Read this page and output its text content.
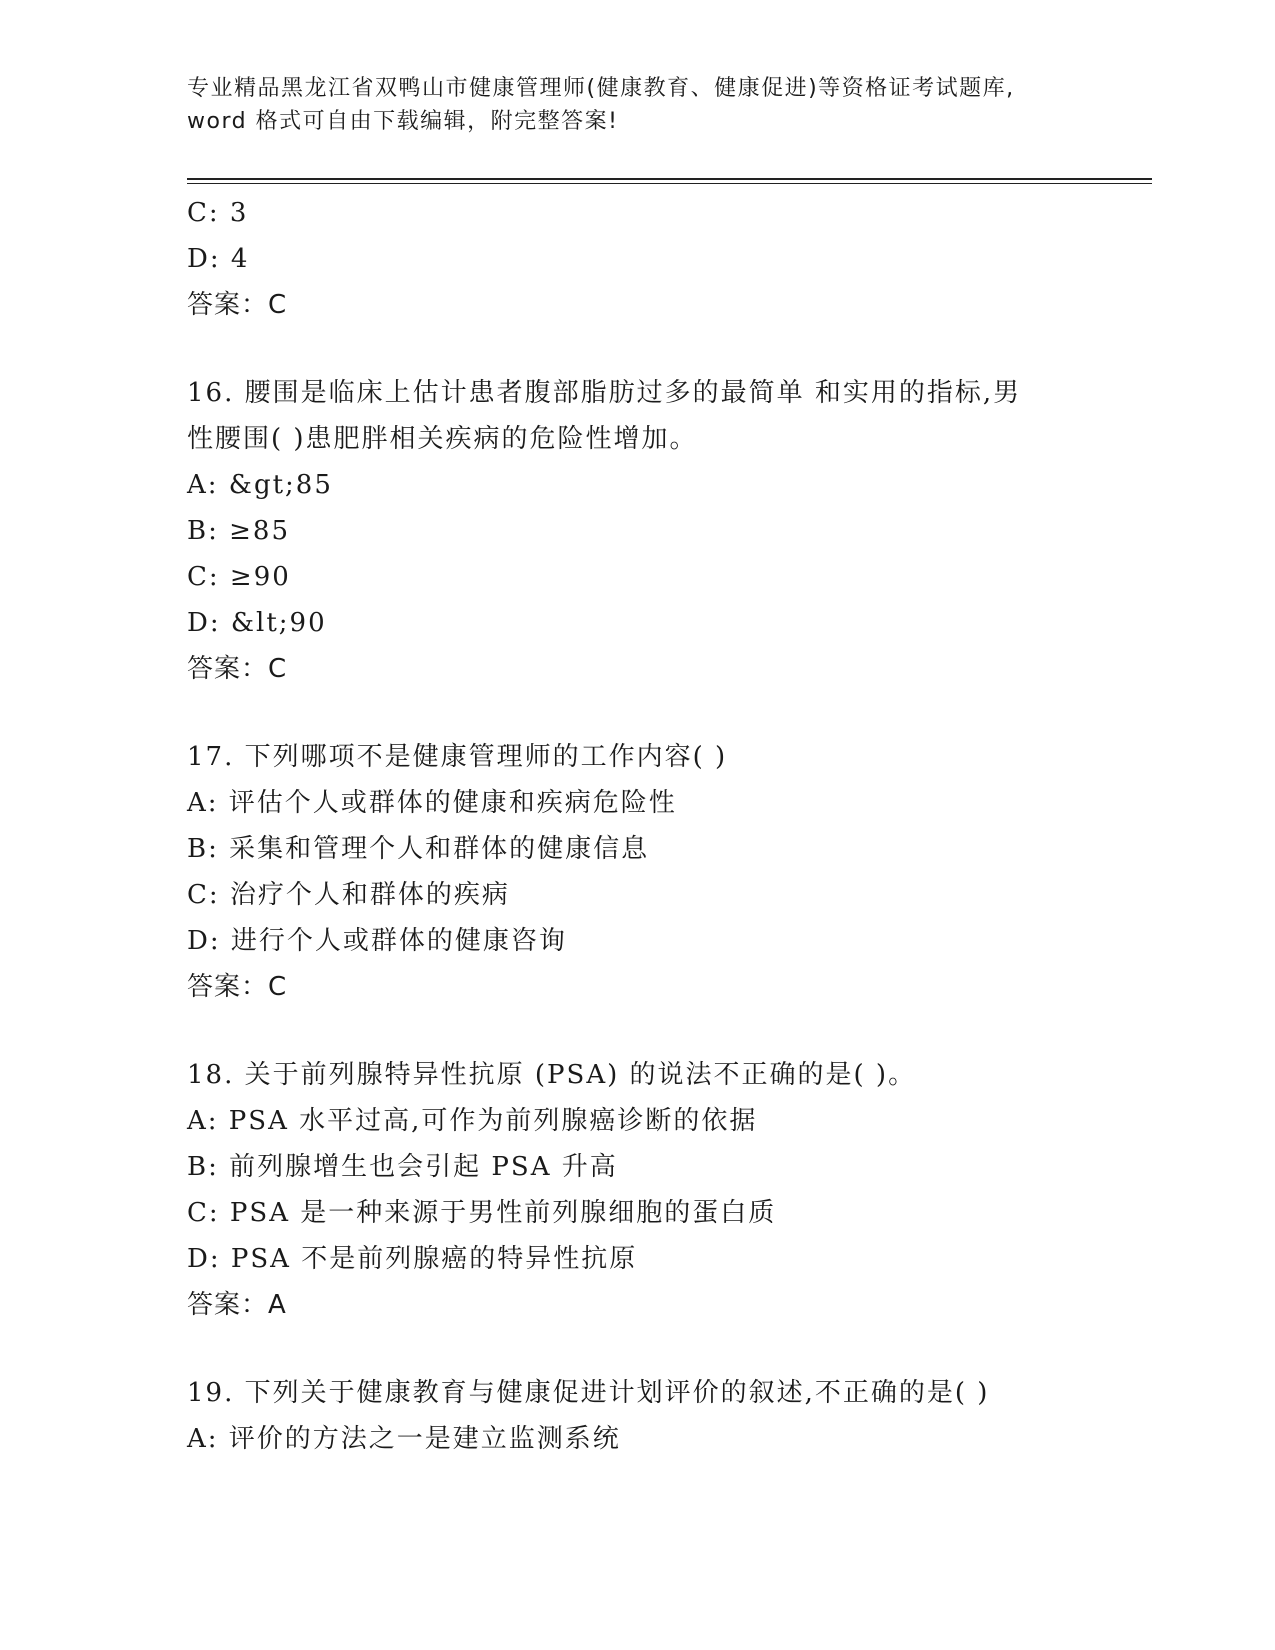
专业精品黑龙江省双鸭山市健康管理师(健康教育、健康促进)等资格证考试题库,
word 格式可自由下载编辑，附完整答案!
C: 3
D: 4
答案：C
16. 腰围是临床上估计患者腹部脂肪过多的最简单 和实用的指标,男
性腰围( )患肥胖相关疾病的危险性增加。
A: &gt;85
B: ≥85
C: ≥90
D: &lt;90
答案：C
17. 下列哪项不是健康管理师的工作内容( )
A: 评估个人或群体的健康和疾病危险性
B: 采集和管理个人和群体的健康信息
C: 治疗个人和群体的疾病
D: 进行个人或群体的健康咨询
答案：C
18. 关于前列腺特异性抗原 (PSA) 的说法不正确的是( )。
A: PSA 水平过高,可作为前列腺癌诊断的依据
B: 前列腺增生也会引起 PSA 升高
C: PSA 是一种来源于男性前列腺细胞的蛋白质
D: PSA 不是前列腺癌的特异性抗原
答案：A
19. 下列关于健康教育与健康促进计划评价的叙述,不正确的是( )
A: 评价的方法之一是建立监测系统
